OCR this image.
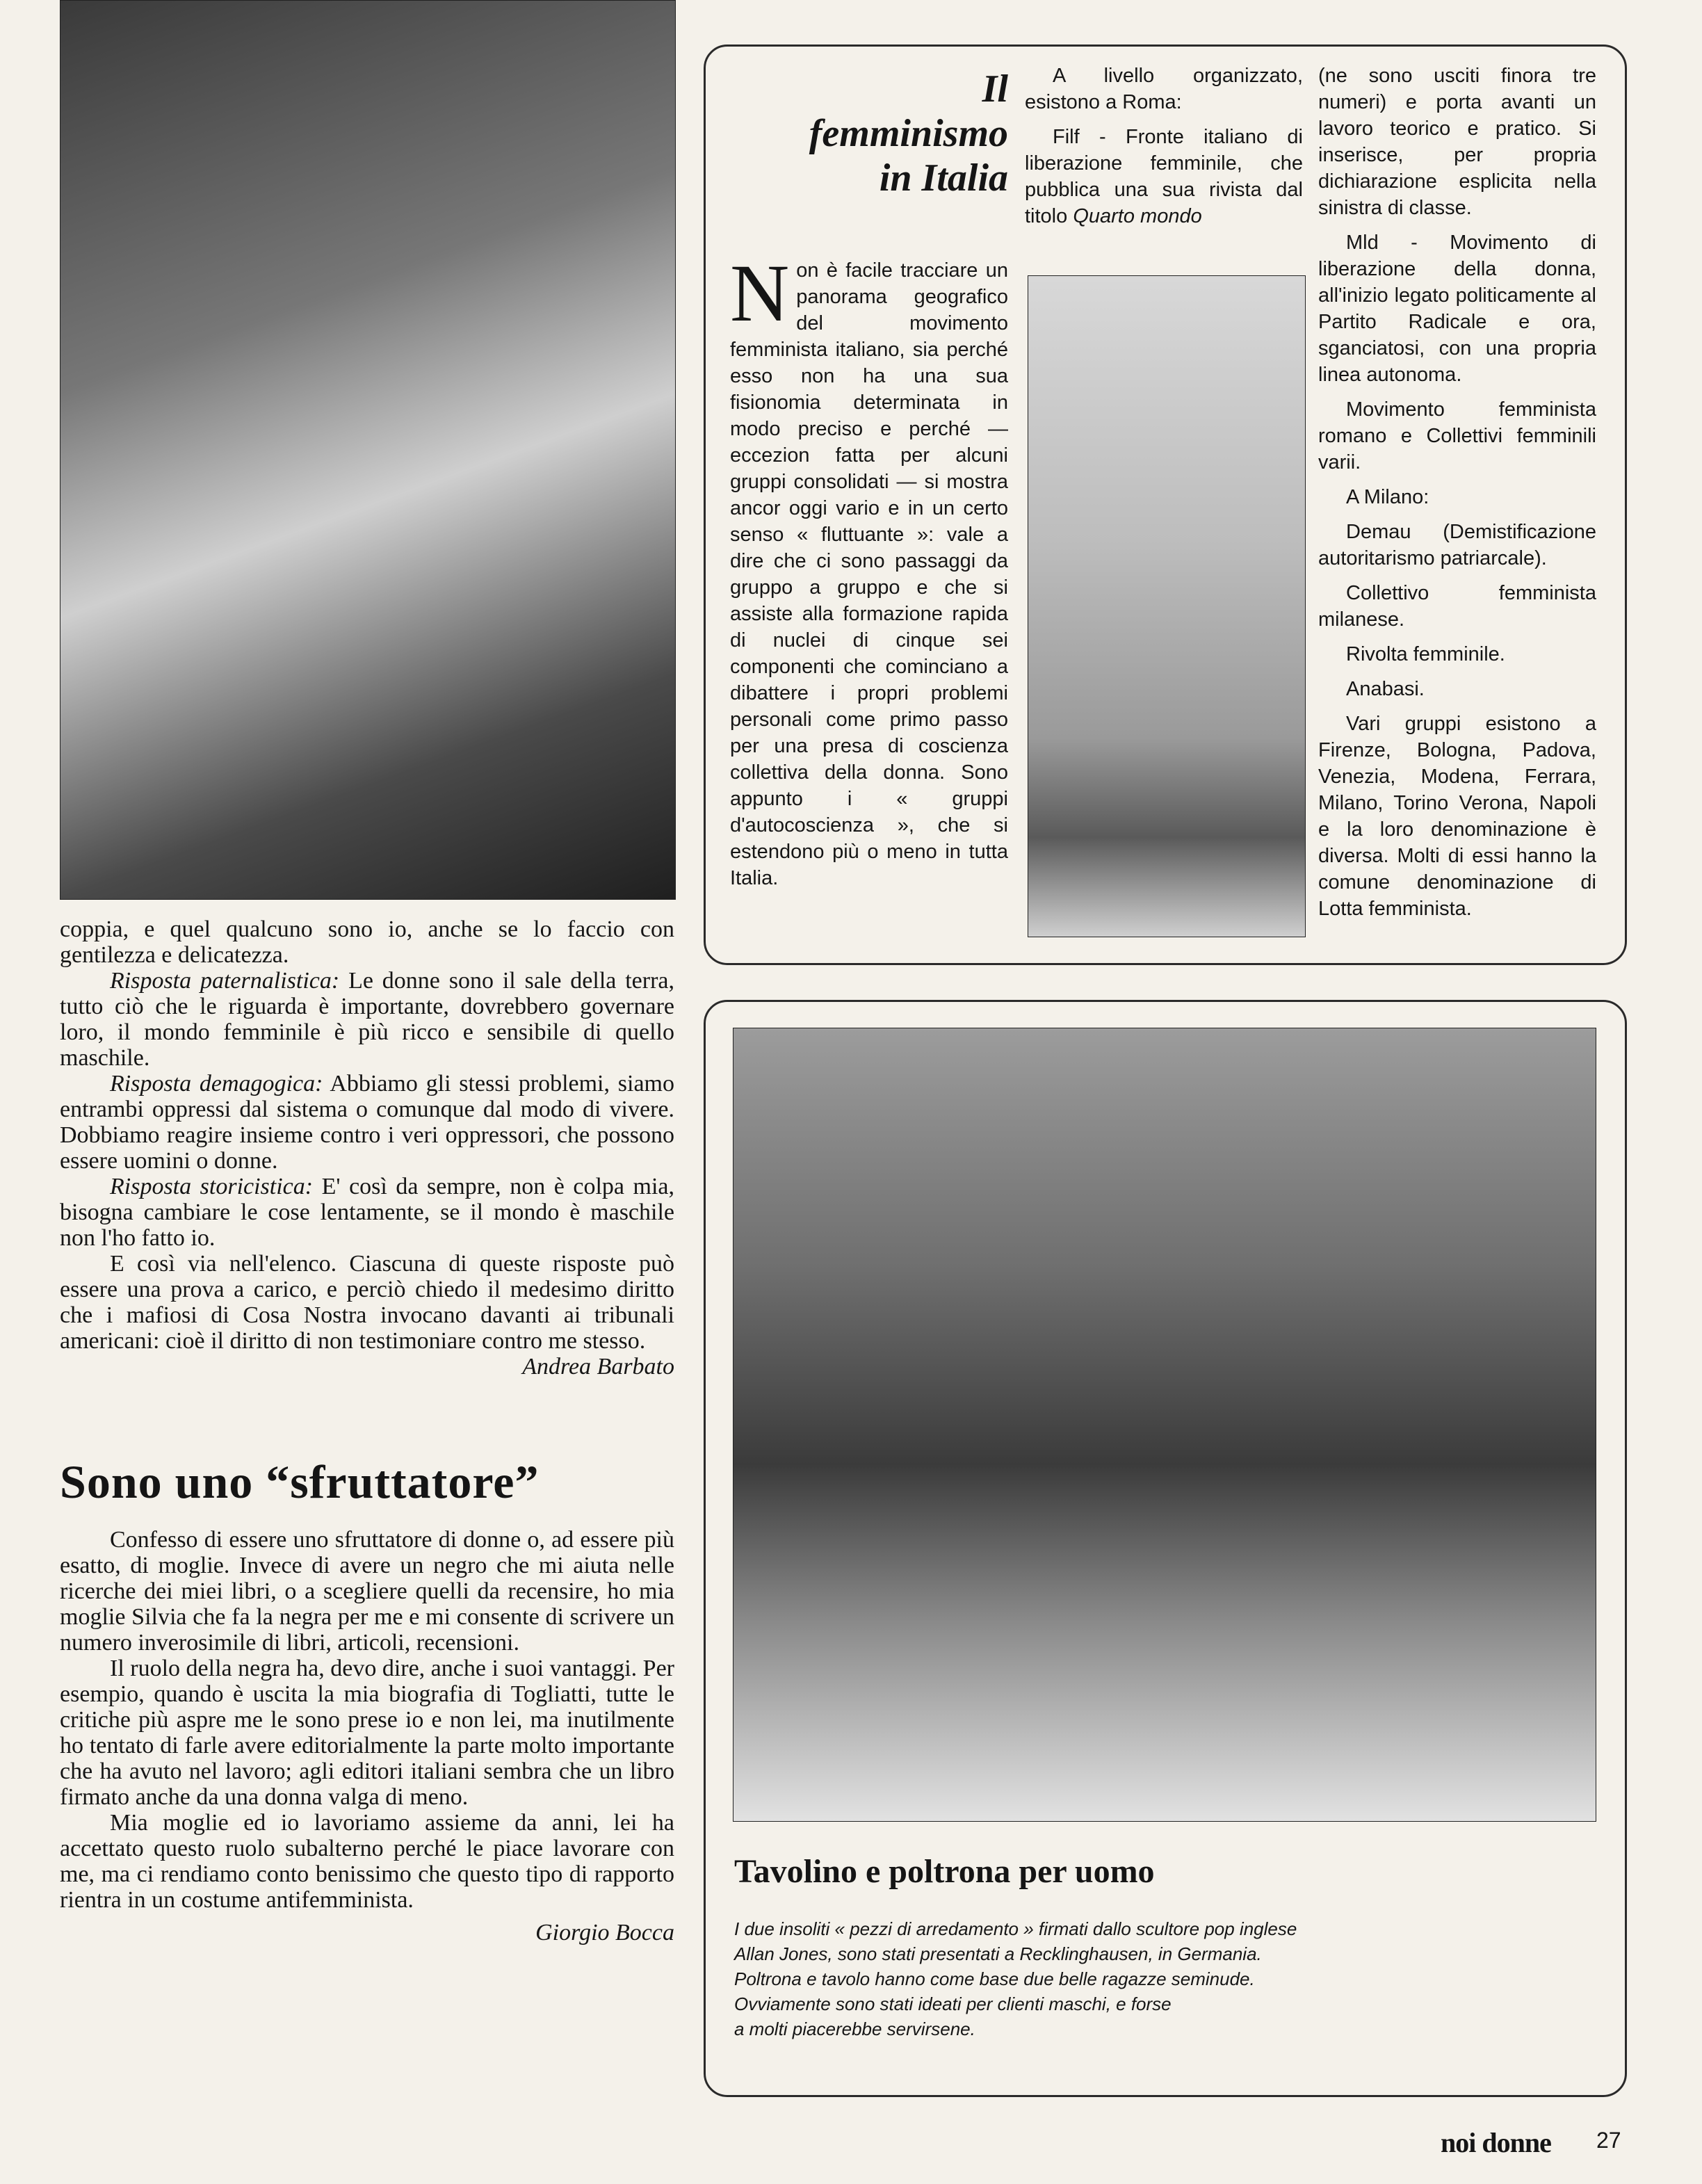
coppia, e quel qualcuno sono io, anche se lo faccio con gentilezza e delicatezza.

Risposta paternalistica: Le donne sono il sale della terra, tutto ciò che le riguarda è importante, dovrebbero governare loro, il mondo femminile è più ricco e sensibile di quello maschile.

Risposta demagogica: Abbiamo gli stessi problemi, siamo entrambi oppressi dal sistema o comunque dal modo di vivere. Dobbiamo reagire insieme contro i veri oppressori, che possono essere uomini o donne.

Risposta storicistica: E' così da sempre, non è colpa mia, bisogna cambiare le cose lentamente, se il mondo è maschile non l'ho fatto io.

E così via nell'elenco. Ciascuna di queste risposte può essere una prova a carico, e perciò chiedo il medesimo diritto che i mafiosi di Cosa Nostra invocano davanti ai tribunali americani: cioè il diritto di non testimoniare contro me stesso.

Andrea Barbato

Sono uno “sfruttatore”

Confesso di essere uno sfruttatore di donne o, ad essere più esatto, di moglie. Invece di avere un negro che mi aiuta nelle ricerche dei miei libri, o a scegliere quelli da recensire, ho mia moglie Silvia che fa la negra per me e mi consente di scrivere un numero inverosimile di libri, articoli, recensioni.

Il ruolo della negra ha, devo dire, anche i suoi vantaggi. Per esempio, quando è uscita la mia biografia di Togliatti, tutte le critiche più aspre me le sono prese io e non lei, ma inutilmente ho tentato di farle avere editorialmente la parte molto importante che ha avuto nel lavoro; agli editori italiani sembra che un libro firmato anche da una donna valga di meno.

Mia moglie ed io lavoriamo assieme da anni, lei ha accettato questo ruolo subalterno perché le piace lavorare con me, ma ci rendiamo conto benissimo che questo tipo di rapporto rientra in un costume antifemminista.

Giorgio Bocca

Il
femminismo
in Italia
N on è facile tracciare un panorama geografico del movimento femminista italiano, sia perché esso non ha una sua fisionomia determinata in modo preciso e perché — eccezion fatta per alcuni gruppi consolidati — si mostra ancor oggi vario e in un certo senso « fluttuante »: vale a dire che ci sono passaggi da gruppo a gruppo e che si assiste alla formazione rapida di nuclei di cinque sei componenti che cominciano a dibattere i propri problemi personali come primo passo per una presa di coscienza collettiva della donna. Sono appunto i « gruppi d'autocoscienza », che si estendono più o meno in tutta Italia.

A livello organizzato, esistono a Roma:

Filf - Fronte italiano di liberazione femminile, che pubblica una sua rivista dal titolo Quarto mondo

(ne sono usciti finora tre numeri) e porta avanti un lavoro teorico e pratico. Si inserisce, per propria dichiarazione esplicita nella sinistra di classe.

Mld - Movimento di liberazione della donna, all'inizio legato politicamente al Partito Radicale e ora, sganciatosi, con una propria linea autonoma.

Movimento femminista romano e Collettivi femminili varii.

A Milano:

Demau (Demistificazione autoritarismo patriarcale).

Collettivo femminista milanese.

Rivolta femminile.

Anabasi.

Vari gruppi esistono a Firenze, Bologna, Padova, Venezia, Modena, Ferrara, Milano, Torino Verona, Napoli e la loro denominazione è diversa. Molti di essi hanno la comune denominazione di Lotta femminista.

Tavolino e poltrona per uomo
I due insoliti « pezzi di arredamento » firmati dallo scultore pop inglese
Allan Jones, sono stati presentati a Recklinghausen, in Germania.
Poltrona e tavolo hanno come base due belle ragazze seminude.
Ovviamente sono stati ideati per clienti maschi, e forse
a molti piacerebbe servirsene.
noi donne 27
